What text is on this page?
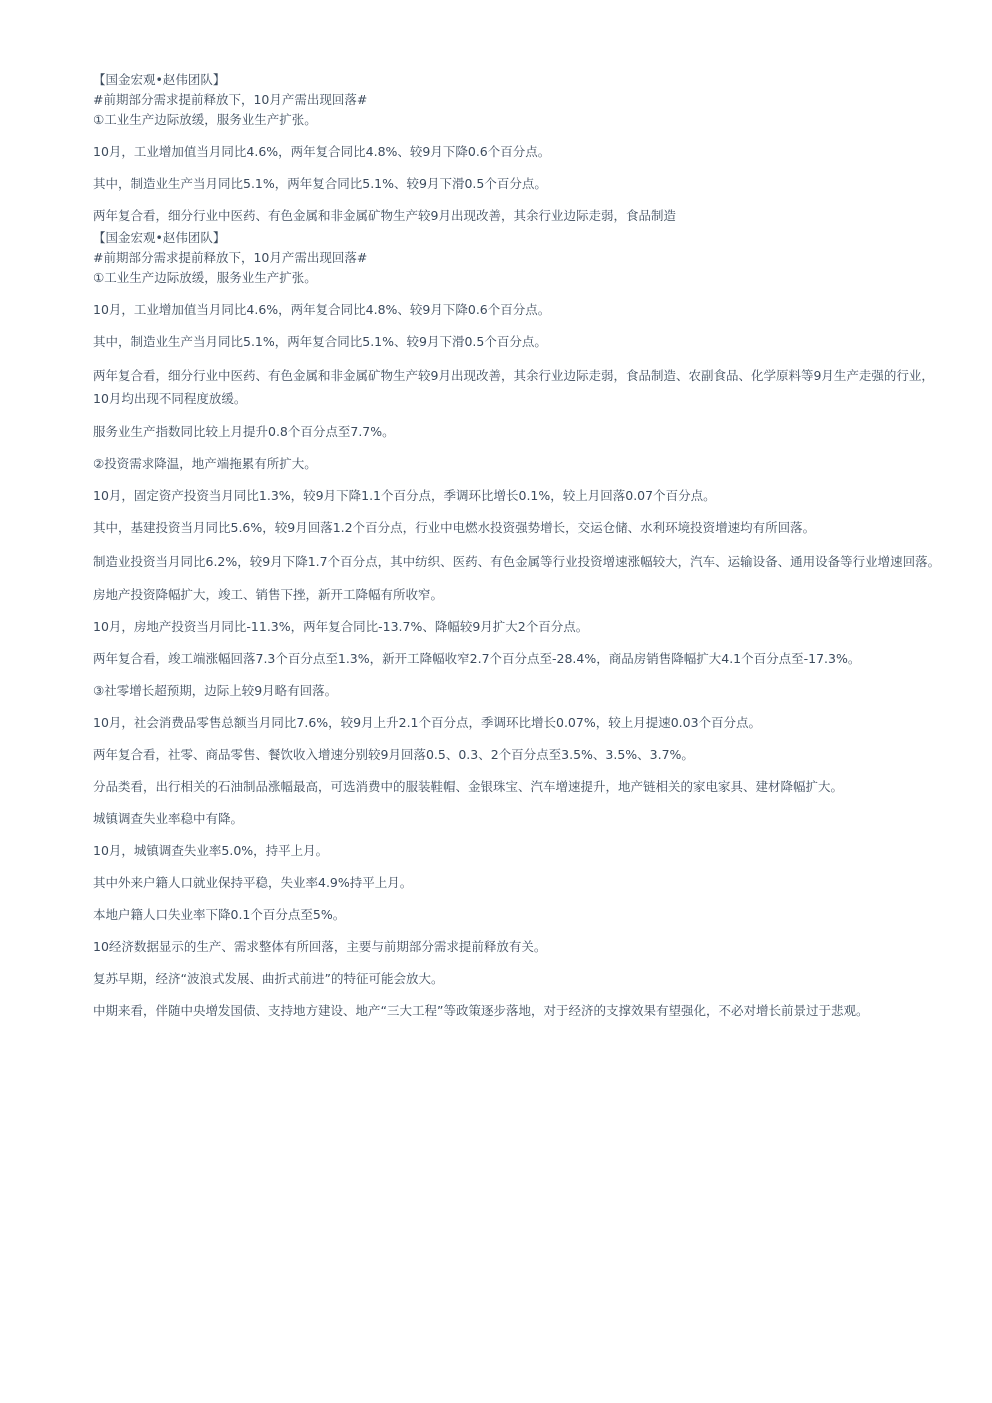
【国金宏观•赵伟团队】

#前期部分需求提前释放下，10月产需出现回落#

①工业生产边际放缓，服务业生产扩张。

10月，工业增加值当月同比4.6%，两年复合同比4.8%、较9月下降0.6个百分点。

其中，制造业生产当月同比5.1%，两年复合同比5.1%、较9月下滑0.5个百分点。

两年复合看，细分行业中医药、有色金属和非金属矿物生产较9月出现改善，其余行业边际走弱，食品制造

【国金宏观•赵伟团队】

#前期部分需求提前释放下，10月产需出现回落#

①工业生产边际放缓，服务业生产扩张。

10月，工业增加值当月同比4.6%，两年复合同比4.8%、较9月下降0.6个百分点。

其中，制造业生产当月同比5.1%，两年复合同比5.1%、较9月下滑0.5个百分点。

两年复合看，细分行业中医药、有色金属和非金属矿物生产较9月出现改善，其余行业边际走弱，食品制造、农副食品、化学原料等9月生产走强的行业，10月均出现不同程度放缓。

服务业生产指数同比较上月提升0.8个百分点至7.7%。

②投资需求降温，地产端拖累有所扩大。

10月，固定资产投资当月同比1.3%，较9月下降1.1个百分点，季调环比增长0.1%，较上月回落0.07个百分点。

其中，基建投资当月同比5.6%，较9月回落1.2个百分点，行业中电燃水投资强势增长，交运仓储、水利环境投资增速均有所回落。

制造业投资当月同比6.2%，较9月下降1.7个百分点，其中纺织、医药、有色金属等行业投资增速涨幅较大，汽车、运输设备、通用设备等行业增速回落。

房地产投资降幅扩大，竣工、销售下挫，新开工降幅有所收窄。

10月，房地产投资当月同比-11.3%，两年复合同比-13.7%、降幅较9月扩大2个百分点。

两年复合看，竣工端涨幅回落7.3个百分点至1.3%，新开工降幅收窄2.7个百分点至-28.4%，商品房销售降幅扩大4.1个百分点至-17.3%。

③社零增长超预期，边际上较9月略有回落。

10月，社会消费品零售总额当月同比7.6%，较9月上升2.1个百分点，季调环比增长0.07%，较上月提速0.03个百分点。

两年复合看，社零、商品零售、餐饮收入增速分别较9月回落0.5、0.3、2个百分点至3.5%、3.5%、3.7%。

分品类看，出行相关的石油制品涨幅最高，可选消费中的服装鞋帽、金银珠宝、汽车增速提升，地产链相关的家电家具、建材降幅扩大。

城镇调查失业率稳中有降。

10月，城镇调查失业率5.0%，持平上月。

其中外来户籍人口就业保持平稳，失业率4.9%持平上月。

本地户籍人口失业率下降0.1个百分点至5%。

10经济数据显示的生产、需求整体有所回落，主要与前期部分需求提前释放有关。

复苏早期，经济“波浪式发展、曲折式前进”的特征可能会放大。

中期来看，伴随中央增发国债、支持地方建设、地产“三大工程”等政策逐步落地，对于经济的支撑效果有望强化，不必对增长前景过于悲观。
